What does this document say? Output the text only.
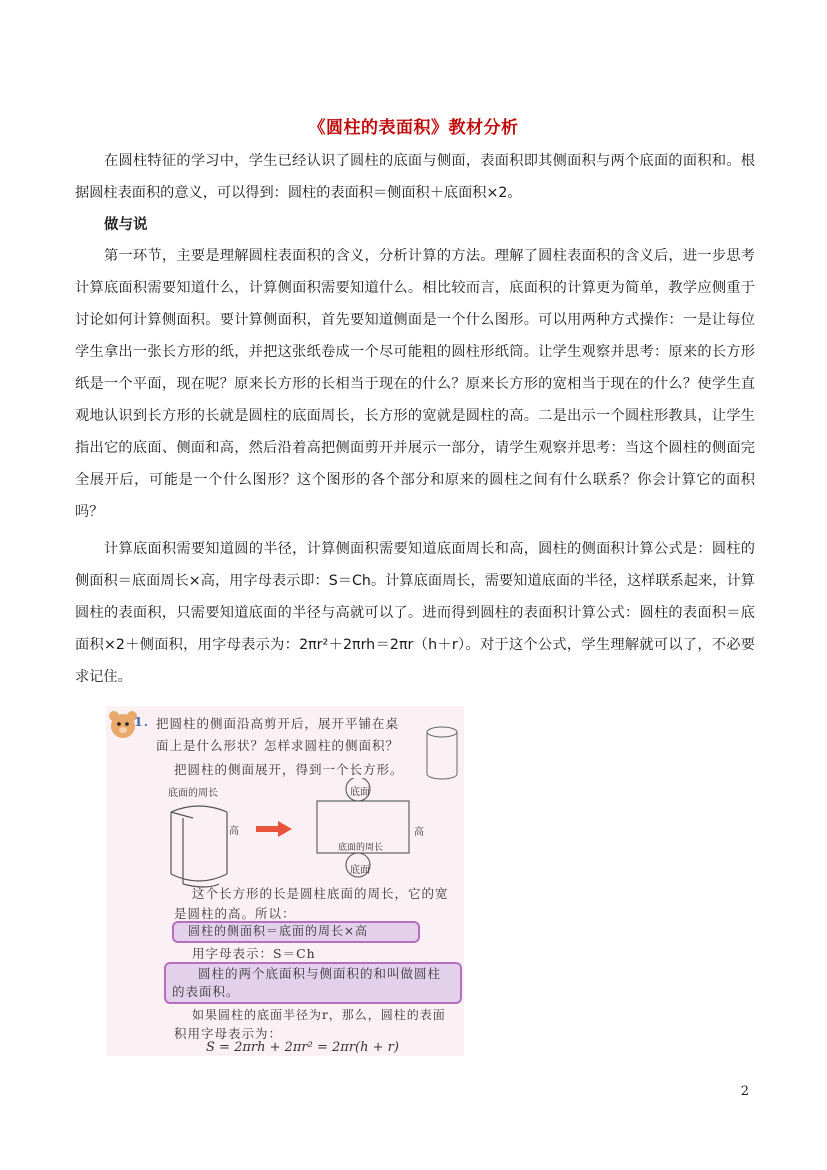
《圆柱的表面积》教材分析
在圆柱特征的学习中，学生已经认识了圆柱的底面与侧面，表面积即其侧面积与两个底面的面积和。根据圆柱表面积的意义，可以得到：圆柱的表面积＝侧面积＋底面积×2。
做与说
第一环节，主要是理解圆柱表面积的含义，分析计算的方法。理解了圆柱表面积的含义后，进一步思考计算底面积需要知道什么，计算侧面积需要知道什么。相比较而言，底面积的计算更为简单，教学应侧重于讨论如何计算侧面积。要计算侧面积，首先要知道侧面是一个什么图形。可以用两种方式操作：一是让每位学生拿出一张长方形的纸，并把这张纸卷成一个尽可能粗的圆柱形纸筒。让学生观察并思考：原来的长方形纸是一个平面，现在呢？原来长方形的长相当于现在的什么？原来长方形的宽相当于现在的什么？使学生直观地认识到长方形的长就是圆柱的底面周长，长方形的宽就是圆柱的高。二是出示一个圆柱形教具，让学生指出它的底面、侧面和高，然后沿着高把侧面剪开并展示一部分，请学生观察并思考：当这个圆柱的侧面完全展开后，可能是一个什么图形？这个图形的各个部分和原来的圆柱之间有什么联系？你会计算它的面积吗？
计算底面积需要知道圆的半径，计算侧面积需要知道底面周长和高，圆柱的侧面积计算公式是：圆柱的侧面积＝底面周长×高，用字母表示即：S＝Ch。计算底面周长，需要知道底面的半径，这样联系起来，计算圆柱的表面积，只需要知道底面的半径与高就可以了。进而得到圆柱的表面积计算公式：圆柱的表面积＝底面积×2＋侧面积，用字母表示为：2πr²＋2πrh＝2πr（h＋r）。对于这个公式，学生理解就可以了，不必要求记住。
1. 把圆柱的侧面沿高剪开后，展开平铺在桌
面上是什么形状？怎样求圆柱的侧面积？
把圆柱的侧面展开，得到一个长方形。
底面的周长
高
底面
高
底面的周长
底面
这个长方形的长是圆柱底面的周长，它的宽
是圆柱的高。所以：
圆柱的侧面积＝底面的周长×高
用字母表示：S＝Ch
圆柱的两个底面积与侧面积的和叫做圆柱
的表面积。
如果圆柱的底面半径为r，那么，圆柱的表面
积用字母表示为：
S = 2πrh + 2πr² = 2πr(h + r)
2
